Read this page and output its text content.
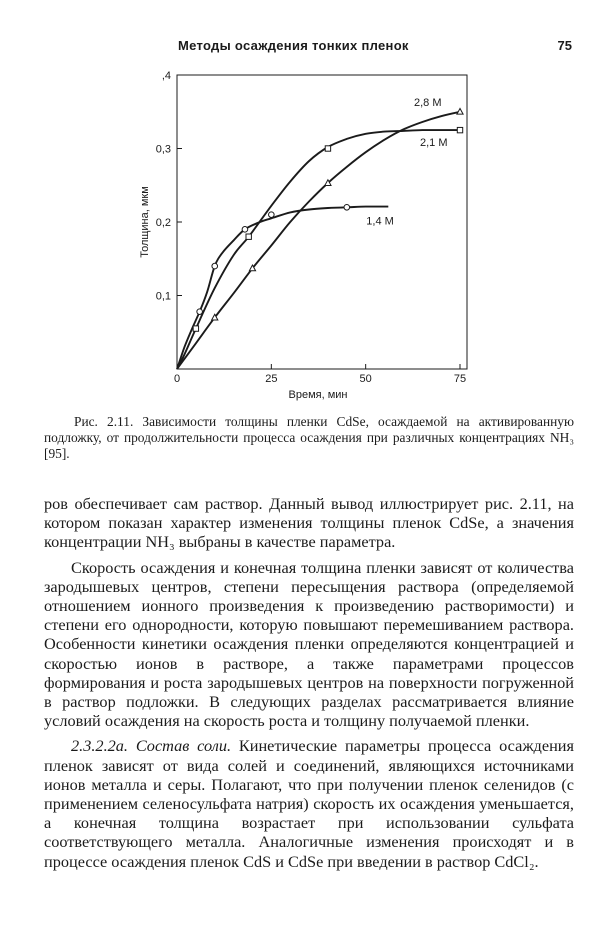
Методы осаждения тонких пленок	75
0	25	50	75
0,1
0,2
0,3
,4
1,4 М
2,1 М
2,8 М
Время, мин
Толщина, мкм
Рис. 2.11. Зависимости толщины пленки CdSe, осаждаемой на активированную подложку, от продолжительности процесса осаждения при различных концентрациях NH₃ [95].

ров обеспечивает сам раствор. Данный вывод иллюстрирует рис. 2.11, на котором показан характер изменения толщины пленок CdSe, а значения концентрации NH₃ выбраны в качестве параметра.

Скорость осаждения и конечная толщина пленки зависят от количества зародышевых центров, степени пересыщения раствора (определяемой отношением ионного произведения к произведению растворимости) и степени его однородности, которую повышают перемешиванием раствора. Особенности кинетики осаждения пленки определяются концентрацией и скоростью ионов в растворе, а также параметрами процессов формирования и роста зародышевых центров на поверхности погруженной в раствор подложки. В следующих разделах рассматривается влияние условий осаждения на скорость роста и толщину получаемой пленки.

2.3.2.2а. Состав соли. Кинетические параметры процесса осаждения пленок зависят от вида солей и соединений, являющихся источниками ионов металла и серы. Полагают, что при получении пленок селенидов (с применением селеносульфата натрия) скорость их осаждения уменьшается, а конечная толщина возрастает при использовании сульфата соответствующего металла. Аналогичные изменения происходят и в процессе осаждения пленок CdS и CdSe при введении в раствор CdCl₂.
